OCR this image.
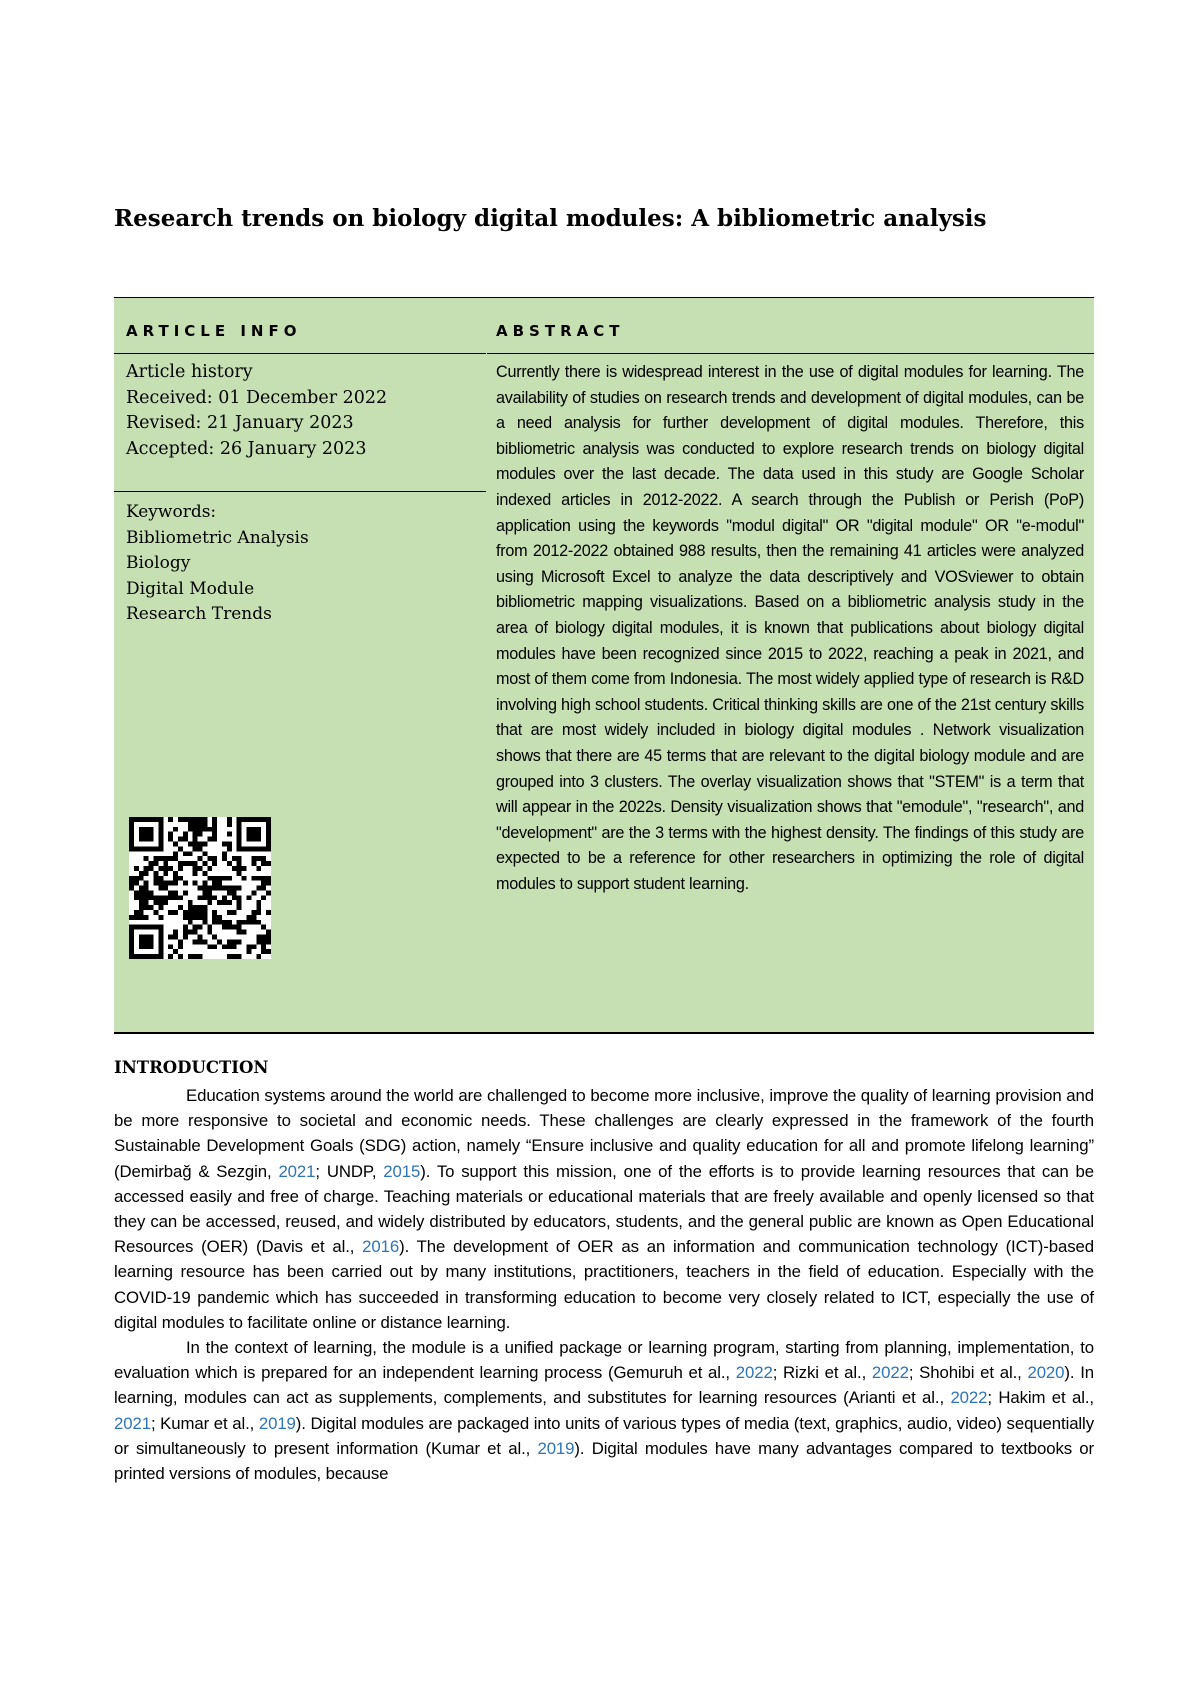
Research trends on biology digital modules: A bibliometric analysis
ARTICLE INFO
Article history
Received: 01 December 2022
Revised: 21 January 2023
Accepted: 26 January 2023
Keywords:
Bibliometric Analysis
Biology
Digital Module
Research Trends
ABSTRACT
Currently there is widespread interest in the use of digital modules for learning. The availability of studies on research trends and development of digital modules, can be a need analysis for further development of digital modules. Therefore, this bibliometric analysis was conducted to explore research trends on biology digital modules over the last decade. The data used in this study are Google Scholar indexed articles in 2012-2022. A search through the Publish or Perish (PoP) application using the keywords "modul digital" OR "digital module" OR "e-modul" from 2012-2022 obtained 988 results, then the remaining 41 articles were analyzed using Microsoft Excel to analyze the data descriptively and VOSviewer to obtain bibliometric mapping visualizations. Based on a bibliometric analysis study in the area of biology digital modules, it is known that publications about biology digital modules have been recognized since 2015 to 2022, reaching a peak in 2021, and most of them come from Indonesia. The most widely applied type of research is R&D involving high school students. Critical thinking skills are one of the 21st century skills that are most widely included in biology digital modules . Network visualization shows that there are 45 terms that are relevant to the digital biology module and are grouped into 3 clusters. The overlay visualization shows that "STEM" is a term that will appear in the 2022s. Density visualization shows that "emodule", "research", and "development" are the 3 terms with the highest density. The findings of this study are expected to be a reference for other researchers in optimizing the role of digital modules to support student learning.
INTRODUCTION

Education systems around the world are challenged to become more inclusive, improve the quality of learning provision and be more responsive to societal and economic needs. These challenges are clearly expressed in the framework of the fourth Sustainable Development Goals (SDG) action, namely “Ensure inclusive and quality education for all and promote lifelong learning” (Demirbağ & Sezgin, 2021; UNDP, 2015). To support this mission, one of the efforts is to provide learning resources that can be accessed easily and free of charge. Teaching materials or educational materials that are freely available and openly licensed so that they can be accessed, reused, and widely distributed by educators, students, and the general public are known as Open Educational Resources (OER) (Davis et al., 2016). The development of OER as an information and communication technology (ICT)-based learning resource has been carried out by many institutions, practitioners, teachers in the field of education. Especially with the COVID-19 pandemic which has succeeded in transforming education to become very closely related to ICT, especially the use of digital modules to facilitate online or distance learning.

In the context of learning, the module is a unified package or learning program, starting from planning, implementation, to evaluation which is prepared for an independent learning process (Gemuruh et al., 2022; Rizki et al., 2022; Shohibi et al., 2020). In learning, modules can act as supplements, complements, and substitutes for learning resources (Arianti et al., 2022; Hakim et al., 2021; Kumar et al., 2019). Digital modules are packaged into units of various types of media (text, graphics, audio, video) sequentially or simultaneously to present information (Kumar et al., 2019). Digital modules have many advantages compared to textbooks or printed versions of modules, because
